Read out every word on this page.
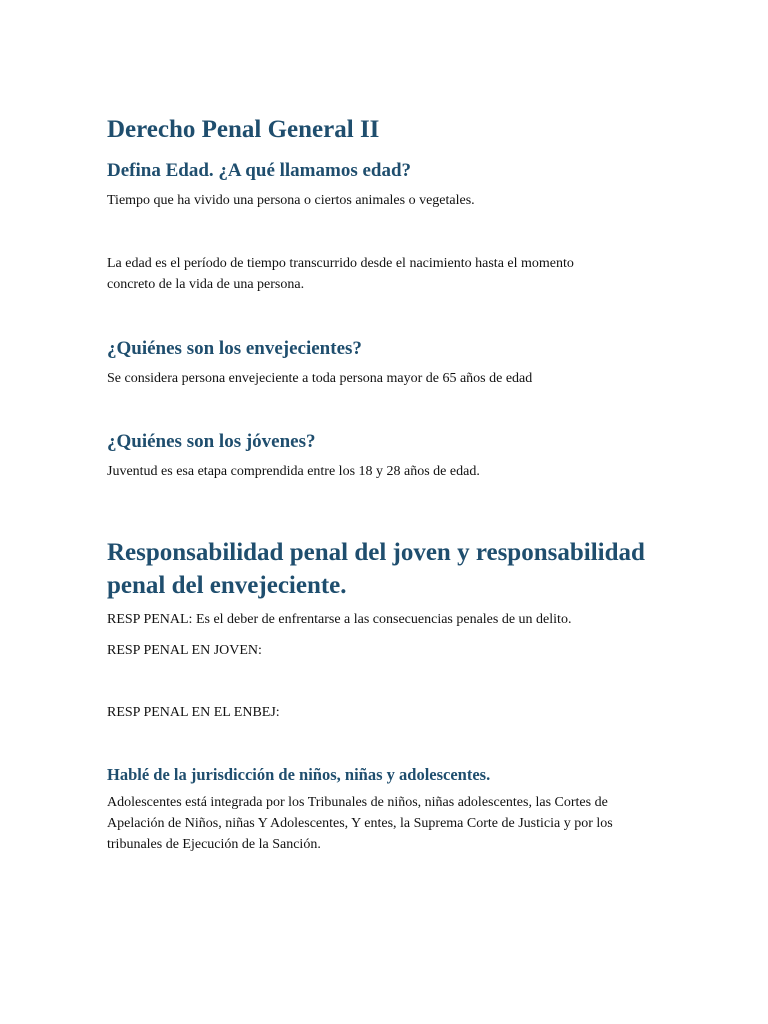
Derecho Penal General II
Defina Edad. ¿A qué llamamos edad?

Tiempo que ha vivido una persona o ciertos animales o vegetales.

La edad es el período de tiempo transcurrido desde el nacimiento hasta el momento

concreto de la vida de una persona.

¿Quiénes son los envejecientes?

Se considera persona envejeciente a toda persona mayor de 65 años de edad

¿Quiénes son los jóvenes?

Juventud es esa etapa comprendida entre los 18 y 28 años de edad.

Responsabilidad penal del joven y responsabilidad
penal del envejeciente.

RESP PENAL: Es el deber de enfrentarse a las consecuencias penales de un delito.

RESP PENAL EN JOVEN:

RESP PENAL EN EL ENBEJ:

Hablé de la jurisdicción de niños, niñas y adolescentes.

Adolescentes está integrada por los Tribunales de niños, niñas adolescentes, las Cortes de

Apelación de Niños, niñas Y Adolescentes, Y entes, la Suprema Corte de Justicia y por los

tribunales de Ejecución de la Sanción.
